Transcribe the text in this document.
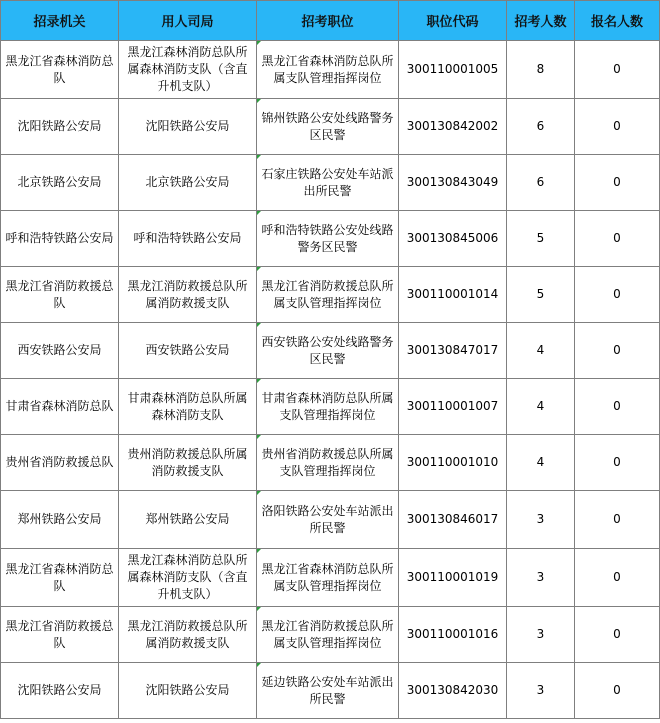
招录机关	用人司局	招考职位	职位代码	招考人数	报名人数
黑龙江省森林消防总队	黑龙江森林消防总队所属森林消防支队（含直升机支队）	黑龙江省森林消防总队所属支队管理指挥岗位	300110001005	8	0
沈阳铁路公安局	沈阳铁路公安局	锦州铁路公安处线路警务区民警	300130842002	6	0
北京铁路公安局	北京铁路公安局	石家庄铁路公安处车站派出所民警	300130843049	6	0
呼和浩特铁路公安局	呼和浩特铁路公安局	呼和浩特铁路公安处线路警务区民警	300130845006	5	0
黑龙江省消防救援总队	黑龙江消防救援总队所属消防救援支队	黑龙江省消防救援总队所属支队管理指挥岗位	300110001014	5	0
西安铁路公安局	西安铁路公安局	西安铁路公安处线路警务区民警	300130847017	4	0
甘肃省森林消防总队	甘肃森林消防总队所属森林消防支队	甘肃省森林消防总队所属支队管理指挥岗位	300110001007	4	0
贵州省消防救援总队	贵州消防救援总队所属消防救援支队	贵州省消防救援总队所属支队管理指挥岗位	300110001010	4	0
郑州铁路公安局	郑州铁路公安局	洛阳铁路公安处车站派出所民警	300130846017	3	0
黑龙江省森林消防总队	黑龙江森林消防总队所属森林消防支队（含直升机支队）	黑龙江省森林消防总队所属支队管理指挥岗位	300110001019	3	0
黑龙江省消防救援总队	黑龙江消防救援总队所属消防救援支队	黑龙江省消防救援总队所属支队管理指挥岗位	300110001016	3	0
沈阳铁路公安局	沈阳铁路公安局	延边铁路公安处车站派出所民警	300130842030	3	0
